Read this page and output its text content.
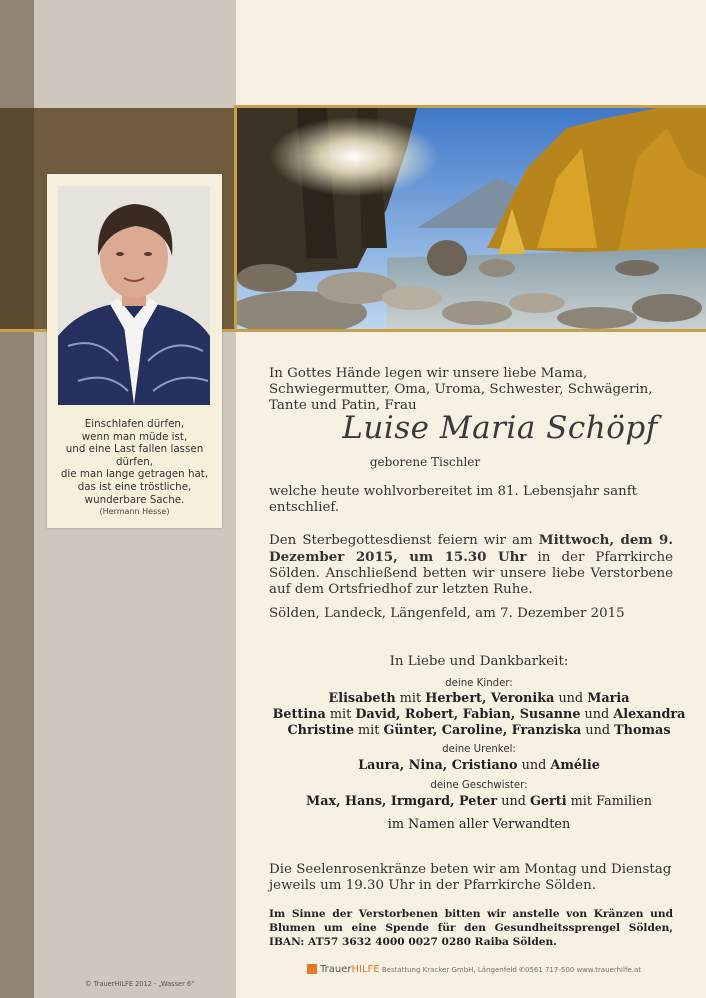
Einschlafen dürfen,
wenn man müde ist,
und eine Last fallen lassen dürfen,
die man lange getragen hat,
das ist eine tröstliche,
wunderbare Sache.
(Hermann Hesse)
In Gottes Hände legen wir unsere liebe Mama, Schwiegermutter, Oma, Uroma, Schwester, Schwägerin, Tante und Patin, Frau
Luise Maria Schöpf
geborene Tischler
welche heute wohlvorbereitet im 81. Lebensjahr sanft entschlief.
Den Sterbegottesdienst feiern wir am Mittwoch, dem 9. Dezember 2015, um 15.30 Uhr in der Pfarrkirche Sölden. Anschließend betten wir unsere liebe Verstorbene auf dem Ortsfriedhof zur letzten Ruhe.
Sölden, Landeck, Längenfeld, am 7. Dezember 2015
In Liebe und Dankbarkeit:
deine Kinder:
Elisabeth mit Herbert, Veronika und Maria
Bettina mit David, Robert, Fabian, Susanne und Alexandra
Christine mit Günter, Caroline, Franziska und Thomas
deine Urenkel:
Laura, Nina, Cristiano und Amélie
deine Geschwister:
Max, Hans, Irmgard, Peter und Gerti mit Familien
im Namen aller Verwandten
Die Seelenrosenkränze beten wir am Montag und Dienstag jeweils um 19.30 Uhr in der Pfarrkirche Sölden.
Im Sinne der Verstorbenen bitten wir anstelle von Kränzen und Blumen um eine Spende für den Gesundheitssprengel Sölden, IBAN: AT57 3632 4000 0027 0280 Raiba Sölden.
© TrauerHILFE 2012 - „Wasser 6“
TrauerHILFE Bestattung Kracker GmbH, Längenfeld ✆0561 717-500 www.trauerhilfe.at
